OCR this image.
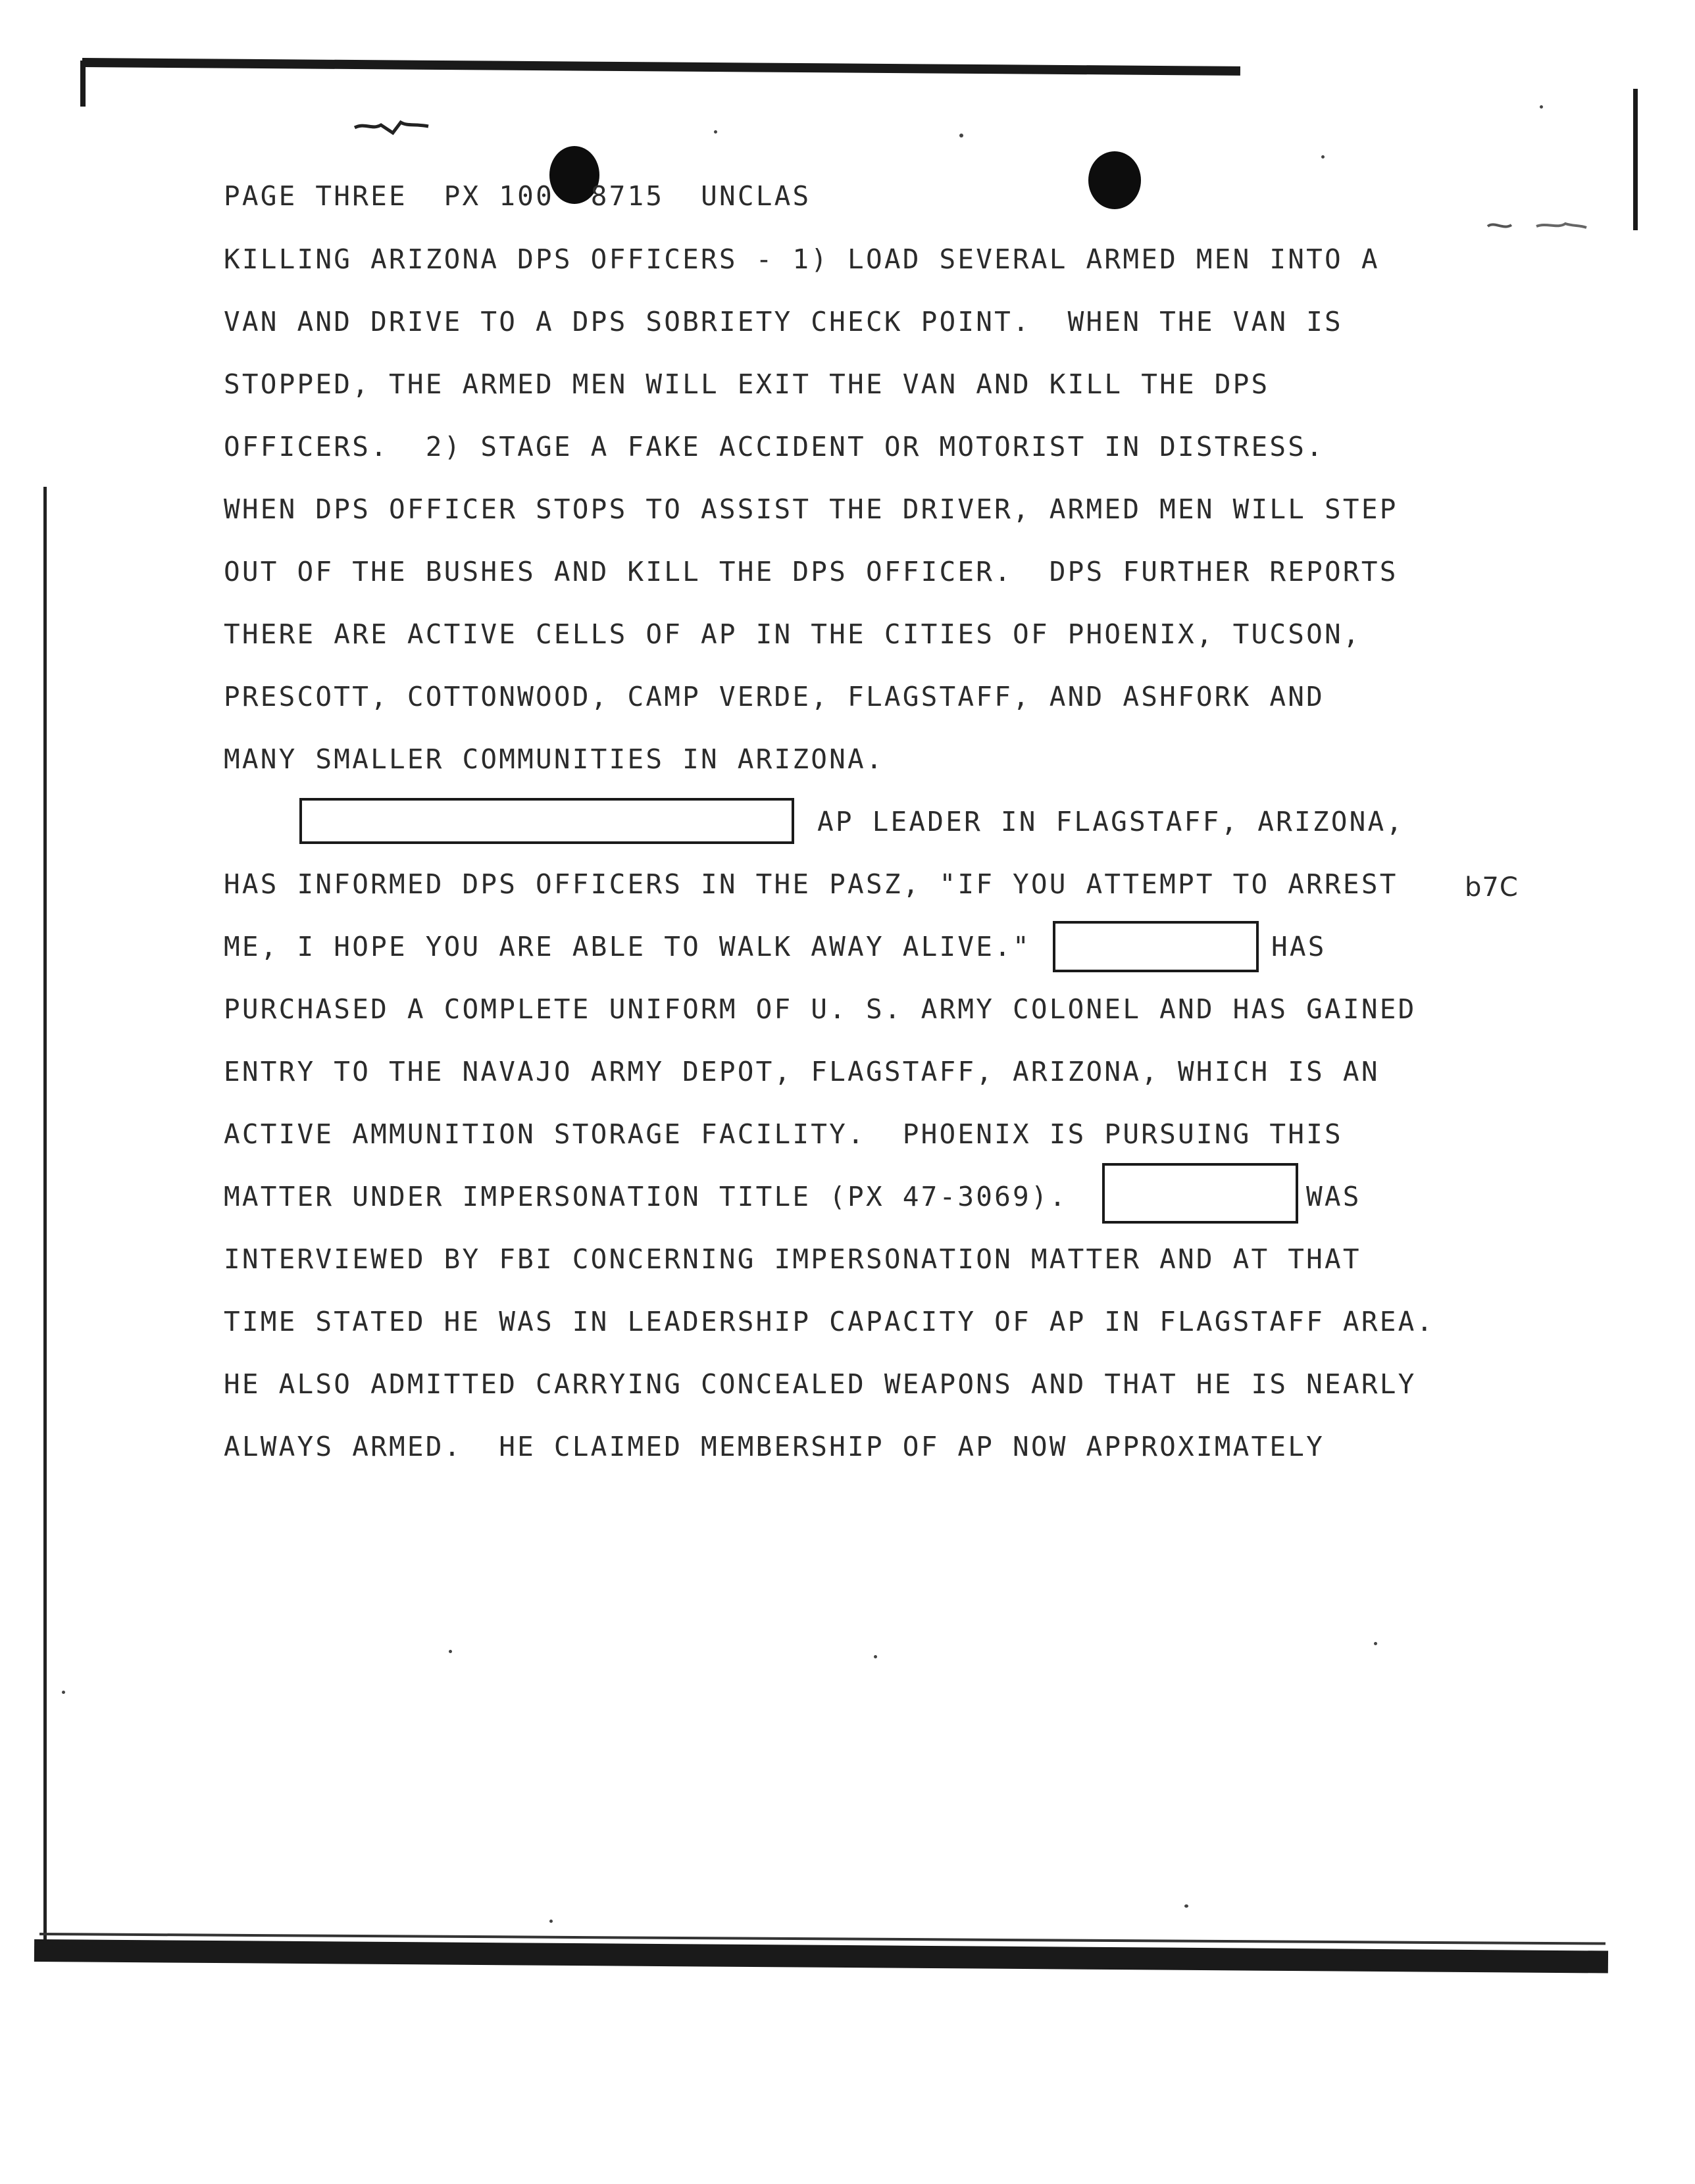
PAGE THREE PX 100 8715 UNCLAS

KILLING ARIZONA DPS OFFICERS - 1) LOAD SEVERAL ARMED MEN INTO A

VAN AND DRIVE TO A DPS SOBRIETY CHECK POINT.  WHEN THE VAN IS

STOPPED, THE ARMED MEN WILL EXIT THE VAN AND KILL THE DPS

OFFICERS.  2) STAGE A FAKE ACCIDENT OR MOTORIST IN DISTRESS.

WHEN DPS OFFICER STOPS TO ASSIST THE DRIVER, ARMED MEN WILL STEP

OUT OF THE BUSHES AND KILL THE DPS OFFICER.  DPS FURTHER REPORTS

THERE ARE ACTIVE CELLS OF AP IN THE CITIES OF PHOENIX, TUCSON,

PRESCOTT, COTTONWOOD, CAMP VERDE, FLAGSTAFF, AND ASHFORK AND

MANY SMALLER COMMUNITIES IN ARIZONA.

AP LEADER IN FLAGSTAFF, ARIZONA,

HAS INFORMED DPS OFFICERS IN THE PASZ, "IF YOU ATTEMPT TO ARREST

ME, I HOPE YOU ARE ABLE TO WALK AWAY ALIVE."	HAS

PURCHASED A COMPLETE UNIFORM OF U. S. ARMY COLONEL AND HAS GAINED

ENTRY TO THE NAVAJO ARMY DEPOT, FLAGSTAFF, ARIZONA, WHICH IS AN

ACTIVE AMMUNITION STORAGE FACILITY.  PHOENIX IS PURSUING THIS

MATTER UNDER IMPERSONATION TITLE (PX 47-3069).	WAS

INTERVIEWED BY FBI CONCERNING IMPERSONATION MATTER AND AT THAT

TIME STATED HE WAS IN LEADERSHIP CAPACITY OF AP IN FLAGSTAFF AREA.

HE ALSO ADMITTED CARRYING CONCEALED WEAPONS AND THAT HE IS NEARLY

ALWAYS ARMED.  HE CLAIMED MEMBERSHIP OF AP NOW APPROXIMATELY

b7C
